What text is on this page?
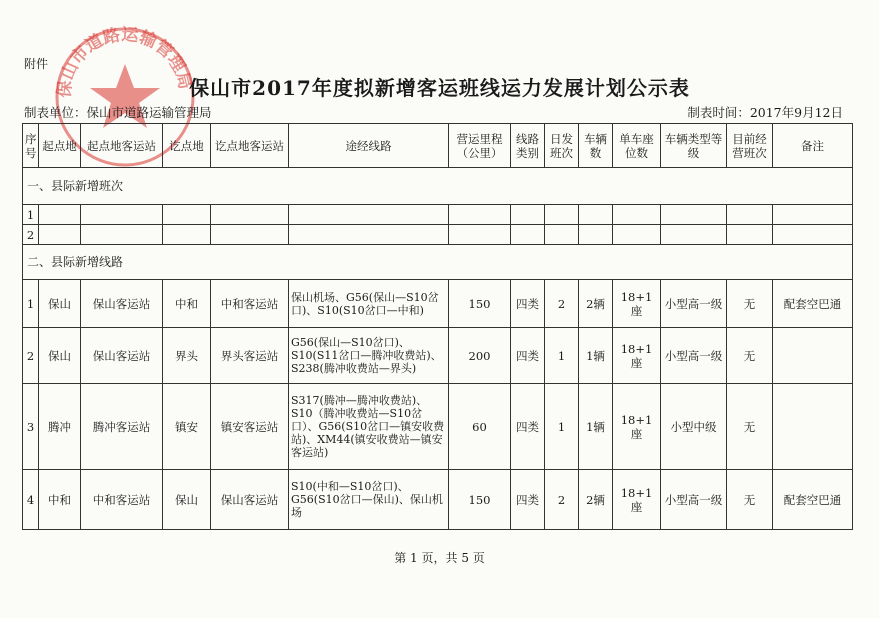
保山市道路运输管理局
附件
保山市2017年度拟新增客运班线运力发展计划公示表
制表单位：保山市道路运输管理局	制表时间：2017年9月12日
序号	起点地	起点地客运站	讫点地	讫点地客运站	途经线路	营运里程（公里）	线路类别	日发班次	车辆数	单车座位数	车辆类型等级	目前经营班次	备注
一、县际新增班次													
1													
2													
二、县际新增线路													
1	保山	保山客运站	中和	中和客运站	保山机场、G56(保山—S10岔口)、S10(S10岔口—中和)	150	四类	2	2辆	18+1座	小型高一级	无	配套空巴通
2	保山	保山客运站	界头	界头客运站	G56(保山—S10岔口)、S10(S11岔口—腾冲收费站)、S238(腾冲收费站—界头)	200	四类	1	1辆	18+1座	小型高一级	无	
3	腾冲	腾冲客运站	镇安	镇安客运站	S317(腾冲—腾冲收费站)、S10（腾冲收费站—S10岔口）、G56(S10岔口—镇安收费站)、XM44(镇安收费站—镇安客运站)	60	四类	1	1辆	18+1座	小型中级	无	
4	中和	中和客运站	保山	保山客运站	S10(中和—S10岔口)、G56(S10岔口—保山)、保山机场	150	四类	2	2辆	18+1座	小型高一级	无	配套空巴通
第 1 页，共 5 页
